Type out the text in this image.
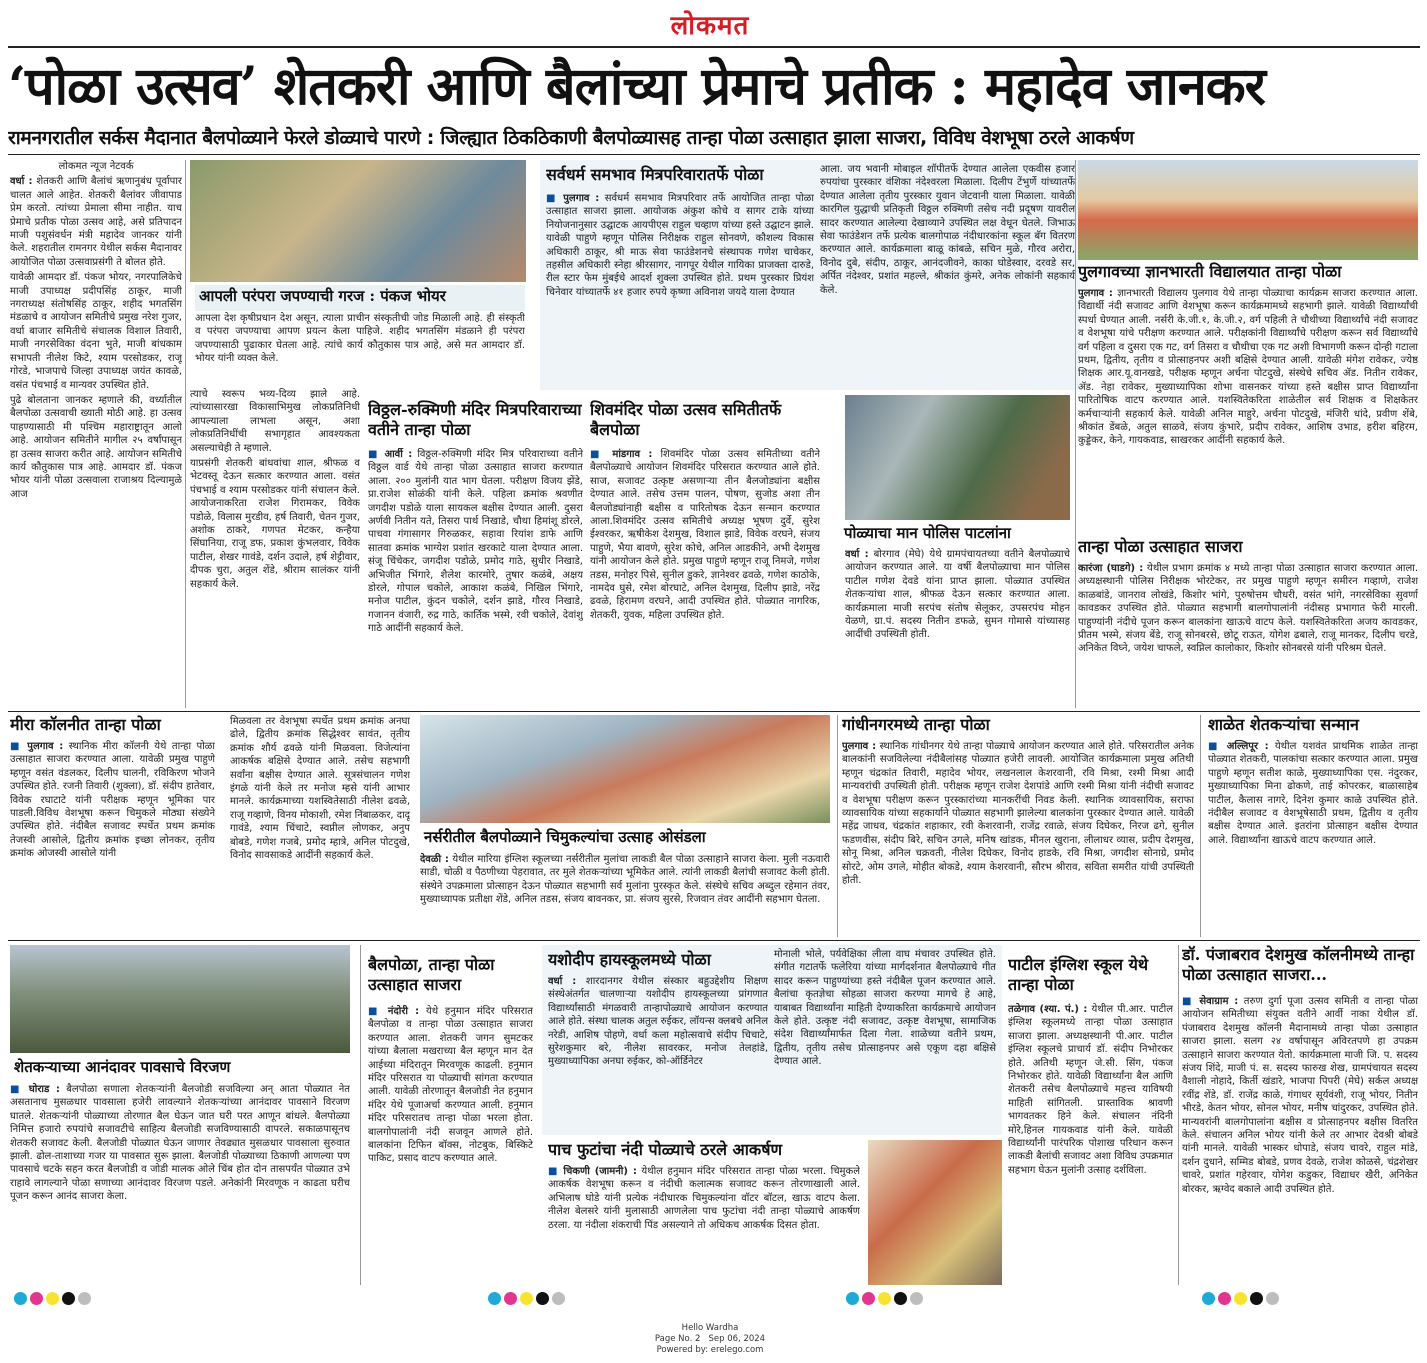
लोकमत
‘पोळा उत्सव’ शेतकरी आणि बैलांच्या प्रेमाचे प्रतीक : महादेव जानकर
रामनगरातील सर्कस मैदानात बैलपोळ्याने फेरले डोळ्याचे पारणे : जिल्ह्यात ठिकठिकाणी बैलपोळ्यासह तान्हा पोळा उत्साहात झाला साजरा, विविध वेशभूषा ठरले आकर्षण

लोकमत न्यूज नेटवर्क

वर्धा : शेतकरी आणि बैलांचं ऋणानुबंध पूर्वापार चालत आले आहेत. शेतकरी बैलांवर जीवापाड प्रेम करतो. त्यांच्या प्रेमाला सीमा नाहीत. याच प्रेमाचे प्रतीक पोळा उत्सव आहे, असे प्रतिपादन माजी पशुसंवर्धन मंत्री महादेव जानकर यांनी केले. शहरातील रामनगर येथील सर्कस मैदानावर आयोजित पोळा उत्सवाप्रसंगी ते बोलत होते.

यावेळी आमदार डॉ. पंकज भोयर, नगरपालिकेचे माजी उपाध्यक्ष प्रदीपसिंह ठाकूर, माजी नगराध्यक्ष संतोषसिंह ठाकूर, शहीद भगतसिंग मंडळाचे व आयोजन समितीचे प्रमुख नरेश गुजर, वर्धा बाजार समितीचे संचालक विशाल तिवारी, माजी नगरसेविका वंदना भुते, माजी बांधकाम सभापती नीलेश किटे, श्याम परसोडकर, राजू गोरडे, भाजपाचे जिल्हा उपाध्यक्ष जयंत कावळे, वसंत पंचभाई व मान्यवर उपस्थित होते.

पुढे बोलताना जानकर म्हणाले की, वर्ध्यातील बैलपोळा उत्सवाची ख्याती मोठी आहे. हा उत्सव पाहण्यासाठी मी पश्चिम महाराष्ट्रातून आलो आहे. आयोजन समितीने मागील २५ वर्षांपासून हा उत्सव साजरा करीत आहे. आयोजन समितीचे कार्य कौतुकास पात्र आहे. आमदार डॉ. पंकज भोयर यांनी पोळा उत्सवाला राजाश्रय दिल्यामुळे आज

आपली परंपरा जपण्याची गरज : पंकज भोयर
आपला देश कृषीप्रधान देश असून, त्याला प्राचीन संस्कृतीची जोड मिळाली आहे. ही संस्कृती व परंपरा जपण्याचा आपण प्रयत्न केला पाहिजे. शहीद भगतसिंग मंडळाने ही परंपरा जपण्यासाठी पुढाकार घेतला आहे. त्यांचे कार्य कौतुकास पात्र आहे, असे मत आमदार डॉ. भोयर यांनी व्यक्त केले.

त्याचे स्वरूप भव्य-दिव्य झाले आहे. त्यांच्यासारखा विकासाभिमुख लोकप्रतिनिधी आपल्याला लाभला असून, अशा लोकप्रतिनिधींची सभागृहात आवश्यकता असल्याचेही ते म्हणाले.

याप्रसंगी शेतकरी बांधवांचा शाल, श्रीफळ व भेटवस्तू देऊन सत्कार करण्यात आला. वसंत पंचभाई व श्याम परसोडकर यांनी संचालन केले. आयोजनाकरिता राजेश गिरामकर, विवेक पडोळे, विलास मुरडीव, हर्ष तिवारी, चेतन गुजर, अशोक ठाकरे, गणपत मेटकर, कन्हैया सिंघानिया, राजू डफ, प्रकाश कुंभलवार, विवेक पाटील, शेखर गावंडे, दर्शन उदाले, हर्ष शेट्टीवार, दीपक चुरा, अतुल शेंडे, श्रीराम सालंकर यांनी सहकार्य केले.

सर्वधर्म समभाव मित्रपरिवारातर्फे पोळा
■ पुलगाव : सर्वधर्म समभाव मित्रपरिवार तर्फे आयोजित तान्हा पोळा उत्साहात साजरा झाला. आयोजक अंकुश कोचे व सागर टाके यांच्या नियोजनानुसार उद्घाटक आयपीएस राहुल चव्हाण यांच्या हस्ते उद्घाटन झाले. यावेळी पाहुणे म्हणून पोलिस निरीक्षक राहुल सोनवणे, कौशल्य विकास अधिकारी ठाकूर, श्री माऊ सेवा फाउंडेशनचे संस्थापक गणेश चाचेकर, तहसील अधिकारी स्नेहा श्रीरसागर, नागपूर येथील गायिका प्राजक्ता दारुडे, रील स्टार फेम मुंबईचे आदर्श शुक्ला उपस्थित होते. प्रथम पुरस्कार प्रियंश चिनेवार यांच्यातर्फे ४१ हजार रुपये कृष्णा अविनाश जयदे याला देण्यात
आला. जय भवानी मोबाइल शॉपीतर्फे देण्यात आलेला एकवीस हजार रुपयांचा पुरस्कार वंशिका नंदेश्वरला मिळाला. दिलीप टेंभुर्णे यांच्यातर्फे देण्यात आलेला तृतीय पुरस्कार युवान जेटवानी याला मिळाला. यावेळी कारगिल युद्धाची प्रतिकृती विठ्ठल रुक्मिणी तसेच नदी प्रदूषण यावरील सादर करण्यात आलेल्या देखाव्याने उपस्थित लक्ष वेधून घेतले. जिभाऊ सेवा फाउंडेशन तर्फे प्रत्येक बालगोपाळ नंदीधारकांना स्कूल बॅग वितरण करण्यात आले. कार्यक्रमाला बाळू कांबळे, सचिन मुळे, गौरव अरोरा, विनोद दुबे, संदीप, ठाकूर, आनंदजीवने, काका घोडेस्वार, दरवडे सर, अर्पित नंदेश्वर, प्रशांत महल्ले, श्रीकांत कुंमरे, अनेक लोकांनी सहकार्य केले.
पुलगावच्या ज्ञानभारती विद्यालयात तान्हा पोळा
पुलगाव : ज्ञानभारती विद्यालय पुलगाव येथे तान्हा पोळ्याचा कार्यक्रम साजरा करण्यात आला. विद्यार्थी नंदी सजावट आणि वेशभूषा करून कार्यक्रमामध्ये सहभागी झाले. यावेळी विद्यार्थ्यांची स्पर्धा घेण्यात आली. नर्सरी के.जी.१, के.जी.२, वर्ग पहिली ते चौथीच्या विद्यार्थ्यांचे नंदी सजावट व वेशभूषा यांचे परीक्षण करण्यात आले. परीक्षकांनी विद्यार्थ्यांचे परीक्षण करून सर्व विद्यार्थ्यांचे वर्ग पहिला व दुसरा एक गट, वर्ग तिसरा व चौथीचा एक गट अशी विभागणी करून दोन्ही गटाला प्रथम, द्वितीय, तृतीय व प्रोत्साहनपर अशी बक्षिसे देण्यात आली. यावेळी मंगेश रावेकर, ज्येष्ठ शिक्षक आर.यू.वानखडे, परीक्षक म्हणून अर्चना पोटदुखे, संस्थेचे सचिव ॲड. नितीन रावेकर, ॲड. नेहा रावेकर, मुख्याध्यापिका शोभा वासनकर यांच्या हस्ते बक्षीस प्राप्त विद्यार्थ्यांना पारितोषिक वाटप करण्यात आले. यशस्वितेकरिता शाळेतील सर्व शिक्षक व शिक्षकेतर कर्मचाऱ्यांनी सहकार्य केले. यावेळी अनिल माहुरे, अर्चना पोटदुखे, मंजिरी धांदे, प्रवीण शेंबे, श्रीकांत डेंबळे, अतुल साळवे, संजय कुंभारे, प्रदीप रावेकर, आशिष उभाड, हरीश बहिरम, कुड्डेकर, केने, गायकवाड, साखरकर आदींनी सहकार्य केले.
विठ्ठल-रुक्मिणी मंदिर मित्रपरिवाराच्या वतीने तान्हा पोळा
■ आर्वी : विठ्ठल-रुक्मिणी मंदिर मित्र परिवाराच्या वतीने विठ्ठल वार्ड येथे तान्हा पोळा उत्साहात साजरा करण्यात आला. २०० मुलांनी यात भाग घेतला. परीक्षण विजय झेंडे, प्रा.राजेश सोळंकी यांनी केले. पहिला क्रमांक श्रवणीत जगदीश पडोळे याला सायकल बक्षीस देण्यात आली. दुसरा अर्णवी नितीन यते, तिसरा पार्थ निखाडे, चौथा हिमांशू डोरले, पाचवा गंगासागर गिरुळकर, सहावा रियांश डाफे आणि सातवा क्रमांक भाग्येश प्रशांत खरकाटे याला देण्यात आला. संजू चिंचेकर, जगदीश पडोळे, प्रमोद गाठे, सुधीर निखाडे, अभिजीत भिंगारे, शैलेश कारमोरे, तुषार कळंबे, अक्षय डोरले, गोपाल चकोले, आकाश कळंबे, निखिल भिंगारे, मनोज पाटील, कुंदन चकोले, दर्शन झाडे, गौरव निखाडे, गजानन वंजारी, रुद्र गाठे, कार्तिक भस्मे, रवी चकोले, देवांशु गाठे आदींनी सहकार्य केले.
शिवमंदिर पोळा उत्सव समितीतर्फे बैलपोळा
■ मांडगाव : शिवमंदिर पोळा उत्सव समितीच्या वतीने बैलपोळ्याचे आयोजन शिवमंदिर परिसरात करण्यात आले होते. साज, सजावट उत्कृष्ट असणाऱ्या तीन बैलजोड्यांना बक्षीस देण्यात आले. तसेच उत्तम पालन, पोषण, सुजोड अशा तीन बैलजोड्यांनाही बक्षीस व पारितोषक देऊन सन्मान करण्यात आला.शिवमंदिर उत्सव समितीचे अध्यक्ष भूषण दुर्वे, सुरेश ईश्वरकर, ऋषीकेश देशमुख, विशाल झाडे, विवेक वरघने, संजय पाहुणे, भैया बावणे, सुरेश कोचे, अनिल आडकीने, अभी देशमुख यांनी आयोजन केले होते. प्रमुख पाहुणे म्हणून राजू निमजे, गणेश तडस, मनोहर पिसे, सुनील डुकरे, ज्ञानेश्वर ढवळे, गणेश काठोके, नामदेव घुसे, रमेश बोरघाटे, अनिल देशमुख, दिलीप झाडे, नरेंद्र ढवळे, हिरामण वरघने, आदी उपस्थित होते. पोळ्यात नागरिक, शेतकरी, युवक, महिला उपस्थित होते.
पोळ्याचा मान पोलिस पाटलांना
वर्धा : बोरगाव (मेघे) येथे ग्रामपंचायतच्या वतीने बैलपोळ्याचे आयोजन करण्यात आले. या वर्षी बैलपोळ्याचा मान पोलिस पाटील गणेश देवडे यांना प्राप्त झाला. पोळ्यात उपस्थित शेतकऱ्यांचा शाल, श्रीफळ देऊन सत्कार करण्यात आला. कार्यक्रमाला माजी सरपंच संतोष सेलूकर, उपसरपंच मोहन येळणे, ग्रा.पं. सदस्य नितीन डफळे, सुमन गोमासे यांच्यासह आदींची उपस्थिती होती.
तान्हा पोळा उत्साहात साजरा
कारंजा (घाडगे) : येथील प्रभाग क्रमांक ४ मध्ये तान्हा पोळा उत्साहात साजरा करण्यात आला. अध्यक्षस्थानी पोलिस निरीक्षक भोरटेकर, तर प्रमुख पाहुणे म्हणून समीरन गव्हाणे, राजेश काळबांडे, जानराव लोखंडे, किशोर भांगे, पुरुषोत्तम चौधरी, वसंत भांगे, नगरसेविका सुवर्णा कावडकर उपस्थित होते. पोळ्यात सहभागी बालगोपालांनी नंदीसह प्रभागात फेरी मारली. पाहुण्यांनी नंदीचे पूजन करून बालकांना खाऊचे वाटप केले. यशस्वितेकरिता अजय कावडकर, प्रीतम भस्मे, संजय बेंडे, राजू सोनबरसे, छोटू राऊत, योगेश ढबाले, राजू मानकर, दिलीप चरडे, अनिकेत विघ्ने, जयेश चाफले, स्वप्निल कालोकार, किशोर सोनबरसे यांनी परिश्रम घेतले.
मीरा कॉलनीत तान्हा पोळा
■ पुलगाव : स्थानिक मीरा कॉलनी येथे तान्हा पोळा उत्साहात साजरा करण्यात आला. यावेळी प्रमुख पाहुणे म्हणून वसंत वंडलकर, दिलीप घालनी, रविकिरण भोजने उपस्थित होते. रजनी तिवारी (शुक्ला), डॉ. संदीप हातेवार, विवेक रघाटाटे यांनी परीक्षक म्हणून भूमिका पार पाडली.विविध वेशभूषा करून चिमुकले मोठ्या संख्येने उपस्थित होते. नंदीबैल सजावट स्पर्धेत प्रथम क्रमांक तेजस्वी आसोले, द्वितीय क्रमांक इच्छा लोनकर, तृतीय क्रमांक ओजस्वी आसोले यांनी
मिळवला तर वेशभूषा स्पर्धेत प्रथम क्रमांक अनघा ढोले, द्वितीय क्रमांक सिद्धेश्वर सावंत, तृतीय क्रमांक शौर्य ढवळे यांनी मिळवला. विजेत्यांना आकर्षक बक्षिसे देण्यात आले. तसेच सहभागी सर्वांना बक्षीस देण्यात आले. सूत्रसंचालन गणेश इंगळे यांनी केले तर मनोज म्हसे यांनी आभार मानले. कार्यक्रमाच्या यशस्वितेसाठी नीलेश ढवळे, राजू गव्हाणे, विनय मोकाशी, रमेश निंबाळकर, दादू गावंडे, श्याम चिंचाटे, स्वप्नील लोणकर, अनुप बोबडे, गणेश गजबे, प्रमोद म्हात्रे, अनिल पोटदुखे, विनोद सावसाकडे आदींनी सहकार्य केले.
नर्सरीतील बैलपोळ्याने चिमुकल्यांचा उत्साह ओसंडला
देवळी : येथील मारिया इंग्लिश स्कूलच्या नर्सरीतील मुलांचा लाकडी बैल पोळा उत्साहाने साजरा केला. मुली नऊवारी साडी, चोळी व पैठणीच्या पेहरावात, तर मुले शेतकऱ्यांच्या भूमिकेत आले. त्यांनी लाकडी बैलांची सजावट केली होती. संस्थेने उपक्रमाला प्रोत्साहन देऊन पोळ्यात सहभागी सर्व मुलांना पुरस्कृत केले. संस्थेचे सचिव अब्दुल रहेमान तंवर, मुख्याध्यापक प्रतीक्षा शेंडे, अनिल तडस, संजय बावनकर, प्रा. संजय सुरसे, रिजवान तंवर आदींनी सहभाग घेतला.
गांधीनगरमध्ये तान्हा पोळा
पुलगाव : स्थानिक गांधीनगर येथे तान्हा पोळ्याचे आयोजन करण्यात आले होते. परिसरातील अनेक बालकांनी सजविलेल्या नंदीबैलांसह पोळ्यात हजेरी लावली. आयोजित कार्यक्रमाला प्रमुख अतिथी म्हणून चंद्रकांत तिवारी, महादेव भोयर, लखनलाल केशरवानी, रवि मिश्रा, रश्मी मिश्रा आदी मान्यवरांची उपस्थिती होती. परीक्षक म्हणून राजेश देशपांडे आणि रश्मी मिश्रा यांनी नंदीची सजावट व वेशभूषा परीक्षण करून पुरस्कारांच्या मानकरींची निवड केली. स्थानिक व्यावसायिक, सराफा व्यावसायिक यांच्या सहकार्याने पोळ्यात सहभागी झालेल्या बालकांना पुरस्कार देण्यात आले. यावेळी महेंद्र जाधव, चंद्रकांत शहाकार, रवी केशरवानी, राजेंद्र रवाळे, संजय दिघेकर, निरज ढगे, सुनील फडणवीस, संदीप बिरे, सचिन उगले, मनिष खांडक, मीनल खुराना, लीलाधर व्यास, प्रदीप देशमुख, सोनू मिश्रा, अनिल चक्रवती, नीलेश दिघेकर, विनोद हाडके, रवि मिश्रा, जगदीश सोनाग्रे, प्रमोद सोरटे, ओम उगले, मोहीत बोकडे, श्याम केशरवानी, सौरभ श्रीराव, सविता समरीत यांची उपस्थिती होती.
शाळेत शेतकऱ्यांचा सन्मान
■ अल्लिपूर : येथील यशवंत प्राथमिक शाळेत तान्हा पोळ्यात शेतकरी, पालकांचा सत्कार करण्यात आला. प्रमुख पाहुणे म्हणून सतीश काळे, मुख्याध्यापिका एस. नंदुरकर, मुख्याध्यापिका मिना ढोकणे, ताई कोपरकर, बाळासाहेब पाटील, कैलास नागरे, दिनेश कुमार काळे उपस्थित होते. नंदीबैल सजावट व वेशभूषेसाठी प्रथम, द्वितीय व तृतीय बक्षीस देण्यात आले. इतरांना प्रोत्साहन बक्षीस देण्यात आले. विद्यार्थ्यांना खाऊचे वाटप करण्यात आले.
शेतकऱ्याच्या आनंदावर पावसाचे विरजण
■ घोराड : बैलपोळा सणाला शेतकऱ्यांनी बैलजोडी सजविल्या अन् आता पोळ्यात नेत असतानाच मुसळधार पावसाला हजेरी लावल्याने शेतकऱ्यांच्या आनंदावर पावसाने विरजण घातले. शेतकऱ्यांनी पोळ्याच्या तोरणात बैल घेऊन जात घरी परत आणून बांधले. बैलपोळ्या निमित्त हजारो रुपयांचे सजावटीचे साहित्य बैलजोडी सजविण्यासाठी वापरले. सकाळपासूनच शेतकरी सजावट केली. बैलजोडी पोळ्यात घेऊन जाणार तेवढ्यात मुसळधार पावसाला सुरुवात झाली. ढोल-ताशाच्या गजर या पावसात सुरू झाला. बैलजोडी पोळ्याच्या ठिकाणी आणल्या पण पावसाचे चटके सहन करत बैलजोडी व जोडी मालक ओले चिंब होत दोन तासपर्यंत पोळ्यात उभे राहावे लागल्याने पोळा सणाच्या आनंदावर विरजण पडले. अनेकांनी मिरवणूक न काढता घरीच पूजन करून आनंद साजरा केला.
बैलपोळा, तान्हा पोळा उत्साहात साजरा
■ नंदोरी : येथे हनुमान मंदिर परिसरात बैलपोळा व तान्हा पोळा उत्साहात साजरा करण्यात आला. शेतकरी जगन सुमटकर यांच्या बैलाला मखराच्या बैल म्हणून मान देत आईच्या मंदिरातून मिरवणूक काढली. हनुमान मंदिर परिसरात या पोळ्याची सांगता करण्यात आली. यावेळी तोरणातून बैलजोडी नेत हनुमान मंदिर येथे पूजाअर्चा करण्यात आली. हनुमान मंदिर परिसरातच तान्हा पोळा भरला होता. बालगोपालांनी नंदी सजवून आणले होते. बालकांना टिफिन बॉक्स, नोटबुक, बिस्किटे पाकिट, प्रसाद वाटप करण्यात आले.
यशोदीप हायस्कूलमध्ये पोळा
वर्धा : शारदानगर येथील संस्कार बहुउद्देशीय शिक्षण संस्थेअंतर्गत चालणाऱ्या यशोदीप हायस्कूलच्या प्रांगणात विद्यार्थ्यांसाठी मंगळवारी तान्हापोळ्याचे आयोजन करण्यात आले होते. संस्था चालक अतुल रुईकर, लॉयन्स क्लबचे अनिल नरेडी, आशिष पोहणे, वर्धा कला महोत्सवाचे संदीप चिचाटे, सुरेशकुमार बरे, नीलेश सावरकर, मनोज तेलहांडे, मुख्याध्यापिका अनघा रुईकर, को-ऑर्डिनेटर
मोनाली भोले, पर्यवेक्षिका लीला वाघ मंचावर उपस्थित होते. संगीत गटातर्फे फलेरिया यांच्या मार्गदर्शनात बैलपोळ्याचे गीत सादर करून पाहुण्यांच्या हस्ते नंदीबैल पूजन करण्यात आले. बैलांचा कृतज्ञेचा सोहळा साजरा करण्या मागचे हे आहे, याबाबत विद्यार्थ्यांना माहिती देण्याकरिता कार्यक्रमाचे आयोजन केले होते. उत्कृष्ट नंदी सजावट, उत्कृष्ट वेशभूषा, सामाजिक संदेश विद्यार्थ्यांमार्फत दिला गेला. शाळेच्या वतीने प्रथम, द्वितीय, तृतीय तसेच प्रोत्साहनपर असे एकूण दहा बक्षिसे देण्यात आले.
पाच फुटांचा नंदी पोळ्याचे ठरले आकर्षण
■ चिकणी (जामनी) : येथील हनुमान मंदिर परिसरात तान्हा पोळा भरला. चिमुकले आकर्षक वेशभूषा करून व नंदीची कलात्मक सजावट करून तोरणाखाली आले. अभिलाष घोडे यांनी प्रत्येक नंदीधारक चिमुकल्यांना वॉटर बॉटल, खाऊ वाटप केला. नीलेश बेलसरे यांनी मुलासाठी आणलेला पाच फुटांचा नंदी तान्हा पोळ्याचे आकर्षण ठरला. या नंदीला शंकराची पिंड असल्याने तो अधिकच आकर्षक दिसत होता.
पाटील इंग्लिश स्कूल येथे तान्हा पोळा
तळेगाव (श्या. पं.) : येथील पी.आर. पाटील इंग्लिश स्कूलमध्ये तान्हा पोळा उत्साहात साजरा झाला. अध्यक्षस्थानी पी.आर. पाटील इंग्लिश स्कूलचे प्राचार्य डॉ. संदीप निभोरकर होते. अतिथी म्हणून जे.सी. सिंग, पंकज निभोरकर होते. यावेळी विद्यार्थ्यांना बैल आणि शेतकरी तसेच बैलपोळ्याचे महत्त्व याविषयी माहिती सांगितली. प्रास्ताविक श्रावणी भागवतकर हिने केले. संचालन नंदिनी मोरे,हिनल गायकवाड यांनी केले. यावेळी विद्यार्थ्यांनी पारंपरिक पोशाख परिधान करून लाकडी बैलांची सजावट अशा विविध उपक्रमात सहभाग घेऊन मुलांनी उत्साह दर्शविला.
डॉ. पंजाबराव देशमुख कॉलनीमध्ये तान्हा पोळा उत्साहात साजरा...
■ सेवाग्राम : तरुण दुर्गा पूजा उत्सव समिती व तान्हा पोळा आयोजन समितीच्या संयुक्त वतीने आर्वी नाका येथील डॉ. पंजाबराव देशमुख कॉलनी मैदानामध्ये तान्हा पोळा उत्साहात साजरा झाला. सलग २४ वर्षापासून अविरतपणे हा उपक्रम उत्साहाने साजरा करण्यात येतो. कार्यक्रमाला माजी जि. प. सदस्य संजय शिंदे, माजी पं. स. सदस्य फारुख शेख, ग्रामपंचायत सदस्य वैशाली नोहादे, किर्ती खंडारे, भाजपा पिपरी (मेघे) सर्कल अध्यक्ष रवींद्र शेंडे, डॉ. राजेंद्र काळे, गंगाधर सूर्यवंशी, राजू भोयर, नितीन भीरडे, केतन भोयर, सोनल भोयर, मनीष चांदुरकर, उपस्थित होते. मान्यवरांनी बालगोपालांना बक्षीस व प्रोत्साहनपर बक्षीस वितरित केले. संचालन अनिल भोयर यांनी केले तर आभार देवश्री बोबडे यांनी मानले. यावेळी भास्कर धोपाडे, संजय चावरे, राहुल मांडे, दर्शन दुधाने, सम्मिड बोबडे, प्रणव देवळे, राजेश कोळसे, चंद्रशेखर चावरे, प्रशांत गहेरवार, योगेश कडुकर, विद्याधर खैरी, अनिकेत बोरकर, ऋग्वेद बकाले आदी उपस्थित होते.
Hello Wardha
Page No. 2 Sep 06, 2024
Powered by: erelego.com
